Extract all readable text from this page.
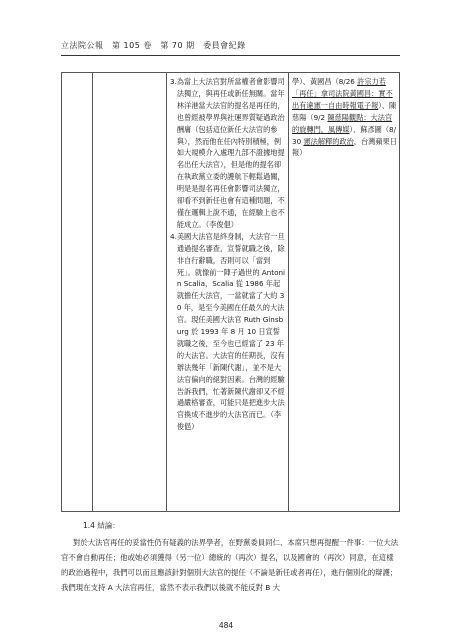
立法院公報　第 105 卷　第 70 期　委員會紀錄
3. 為當上大法官對所當權者會影響司法獨立，與再任或新任無關。當年林洋港當大法官的提名是再任的，也曾經被學界與社運界質疑過政治酬庸（包括這位新任大法官的參與），然而他在任內特別積極，例如大規模介入處理九部不證據地提名出任大法官），但是他的提名卻在執政黨立委的護航下輕鬆過關，明是是提名再任會影響司法獨立，卻看不到新任也會有這種問題，不僅在邏輯上說不通，在經驗上也不能成立。（李俊俋）
4. 美國大法官是終身制，大法官一旦通過提名審查，宣誓就職之後，除非自行辭職，否則可以「當到死」。就像前一陣子過世的 Antonin Scalia，Scalia 從 1986 年起就擔任大法官，一當就當了大約 30 年，是至今美國在任最久的大法官。現任美國大法官 Ruth Ginsburg 於 1993 年 8 月 10 日宣誓就職之後，至今也已經當了 23 年的大法官。大法官的任期長，沒有辦法幾年「新陳代謝」，並不是大法官偏向的絕對因素。台灣的經驗告訴我們，忙著新陳代謝卻又不經過嚴格審查，可能只是把進步大法官換成不進步的大法官而已。（李俊俋）
學）、黃國昌（8/26 許宗力若「再任」拿司法院黃國昌：實不出有違憲一自由時報電子報）、陳慈陽（9/2 陳慈陽觀點：大法官的旋轉門，風傳媒）、蘇彥圖（8/30 憲法解釋的政治，台灣蘋果日報）
1.4 結論：
對於大法官再任的妥當性仍有疑義的法界學者，在野黨委員同仁、本席只想再提醒一件事：一位大法官不會自動再任；他或她必須獲得（另一位）總統的（再次）提名，以及國會的（再次）同意，在這樣的政治過程中，我們可以而且應該針對個別大法官的提任（不論是新任或者再任），進行個別化的辯護；我們現在支持 A 大法官再任，當然不表示我們以後就不能反對 B 大
484
